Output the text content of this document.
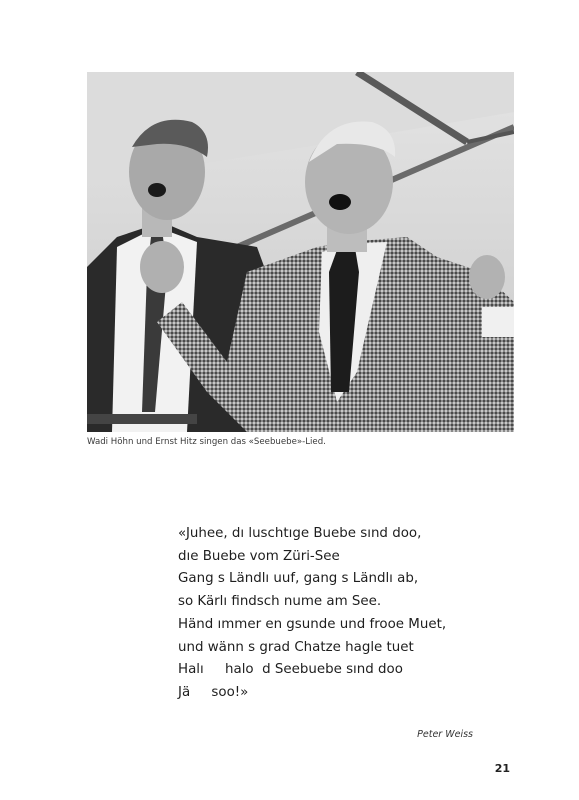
Wadi Höhn und Ernst Hitz singen das «Seebuebe»-Lied.
«Juhee, dı luschtıge Buebe sınd doo,
dıe Buebe vom Züri-See
Gang s Ländlı uuf, gang s Ländlı ab,
so Kärlı findsch nume am See.
Händ ımmer en gsunde und frooe Muet,
und wänn s grad Chatze hagle tuet
Halı     halo  d Seebuebe sınd doo
Jä     soo!»
Peter Weiss
21
